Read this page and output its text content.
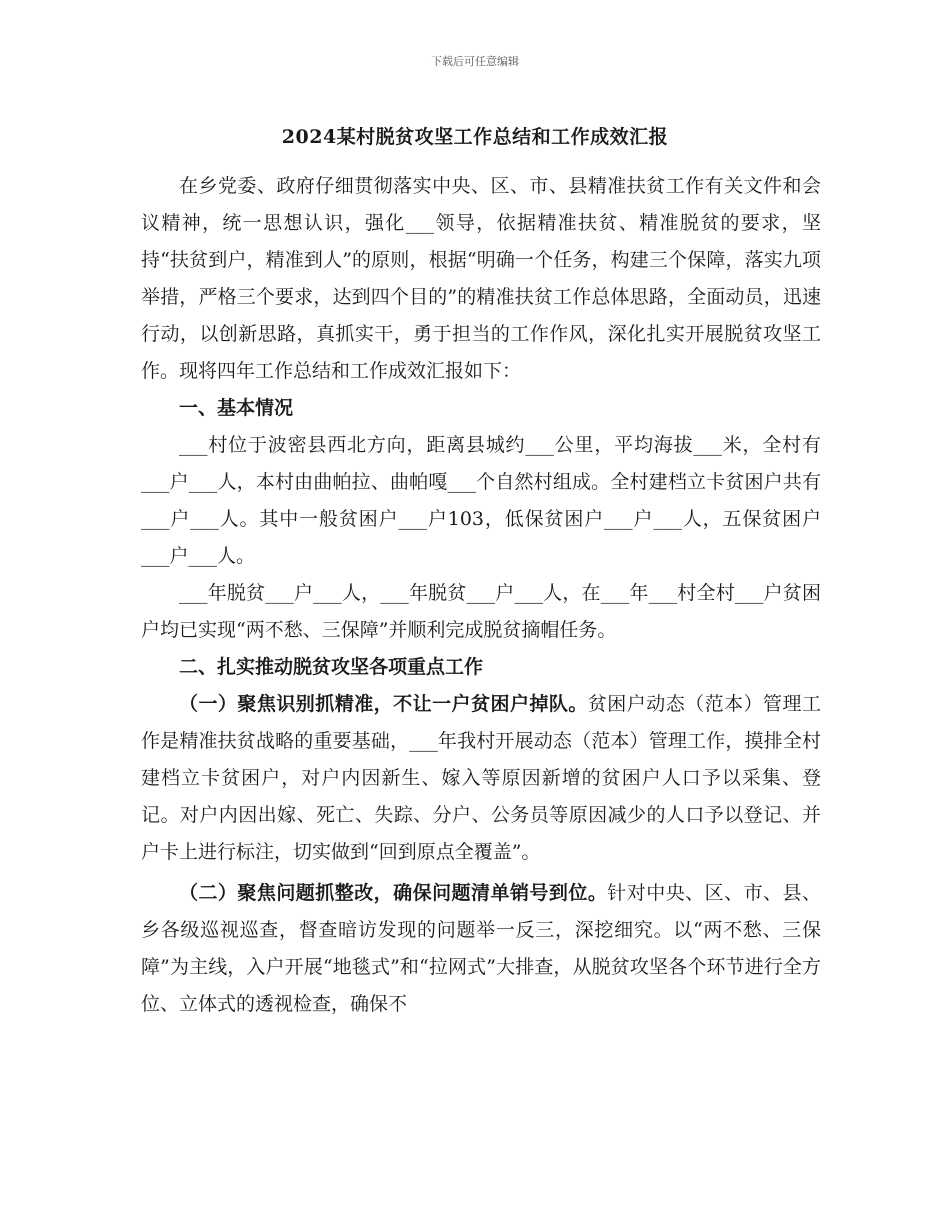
下载后可任意编辑
2024某村脱贫攻坚工作总结和工作成效汇报

在乡党委、政府仔细贯彻落实中央、区、市、县精准扶贫工作有关文件和会议精神，统一思想认识，强化___领导，依据精准扶贫、精准脱贫的要求，坚持“扶贫到户，精准到人”的原则，根据“明确一个任务，构建三个保障，落实九项举措，严格三个要求，达到四个目的”的精准扶贫工作总体思路，全面动员，迅速行动，以创新思路，真抓实干，勇于担当的工作作风，深化扎实开展脱贫攻坚工作。现将四年工作总结和工作成效汇报如下：

一、基本情况

___村位于波密县西北方向，距离县城约___公里，平均海拔___米，全村有___户___人，本村由曲帕拉、曲帕嘎___个自然村组成。全村建档立卡贫困户共有___户___人。其中一般贫困户___户103，低保贫困户___户___人，五保贫困户___户___人。

___年脱贫___户___人，___年脱贫___户___人，在___年___村全村___户贫困户均已实现“两不愁、三保障”并顺利完成脱贫摘帽任务。

二、扎实推动脱贫攻坚各项重点工作

（一）聚焦识别抓精准，不让一户贫困户掉队。贫困户动态（范本）管理工作是精准扶贫战略的重要基础，___年我村开展动态（范本）管理工作，摸排全村建档立卡贫困户，对户内因新生、嫁入等原因新增的贫困户人口予以采集、登记。对户内因出嫁、死亡、失踪、分户、公务员等原因减少的人口予以登记、并户卡上进行标注，切实做到“回到原点全覆盖”。

（二）聚焦问题抓整改，确保问题清单销号到位。针对中央、区、市、县、乡各级巡视巡查，督查暗访发现的问题举一反三，深挖细究。以“两不愁、三保障”为主线，入户开展“地毯式”和“拉网式”大排查，从脱贫攻坚各个环节进行全方位、立体式的透视检查，确保不
